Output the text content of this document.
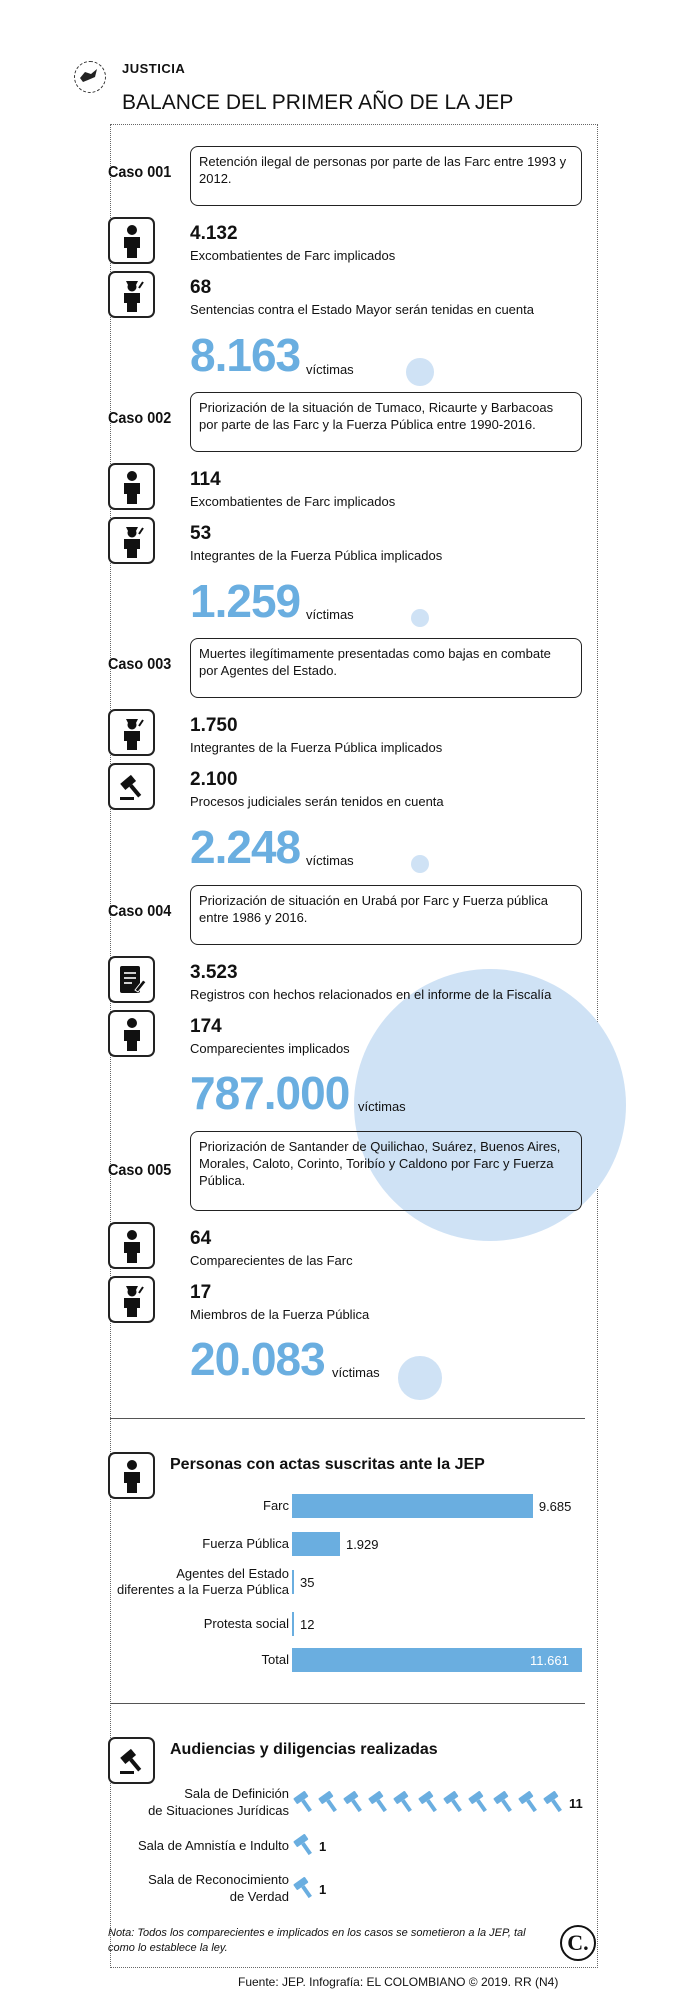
JUSTICIA
BALANCE DEL PRIMER AÑO DE LA JEP
Caso 001
Retención ilegal de personas por parte de las Farc entre 1993 y 2012.
4.132
Excombatientes de Farc implicados
68
Sentencias contra el Estado Mayor serán tenidas en cuenta
8.163 víctimas
Caso 002
Priorización de la situación de Tumaco, Ricaurte y Barbacoas por parte de las Farc y la Fuerza Pública entre 1990-2016.
114
Excombatientes de Farc implicados
53
Integrantes de la Fuerza Pública implicados
1.259 víctimas
Caso 003
Muertes ilegítimamente presentadas como bajas en combate por Agentes del Estado.
1.750
Integrantes de la Fuerza Pública implicados
2.100
Procesos judiciales serán tenidos en cuenta
2.248 víctimas
Caso 004
Priorización de situación en Urabá por Farc y Fuerza pública entre 1986 y 2016.
3.523
Registros con hechos relacionados en el informe de la Fiscalía
174
Comparecientes implicados
787.000 víctimas
Caso 005
Priorización de Santander de Quilichao, Suárez, Buenos Aires, Morales, Caloto, Corinto, Toribío y Caldono por Farc y Fuerza Pública.
64
Comparecientes de las Farc
17
Miembros de la Fuerza Pública
20.083 víctimas
Personas con actas suscritas ante la JEP
Farc	9.685
Fuerza Pública	1.929
Agentes del Estado
diferentes a la Fuerza Pública 35
Protesta social 12
Total	11.661
Audiencias y diligencias realizadas
Sala de Definición
de Situaciones Jurídicas	11
Sala de Amnistía e Indulto 1
Sala de Reconocimiento
de Verdad 1
Nota: Todos los comparecientes e implicados en los casos se sometieron a la JEP, tal como lo establece la ley.	C.
Fuente: JEP. Infografía: EL COLOMBIANO © 2019. RR (N4)
